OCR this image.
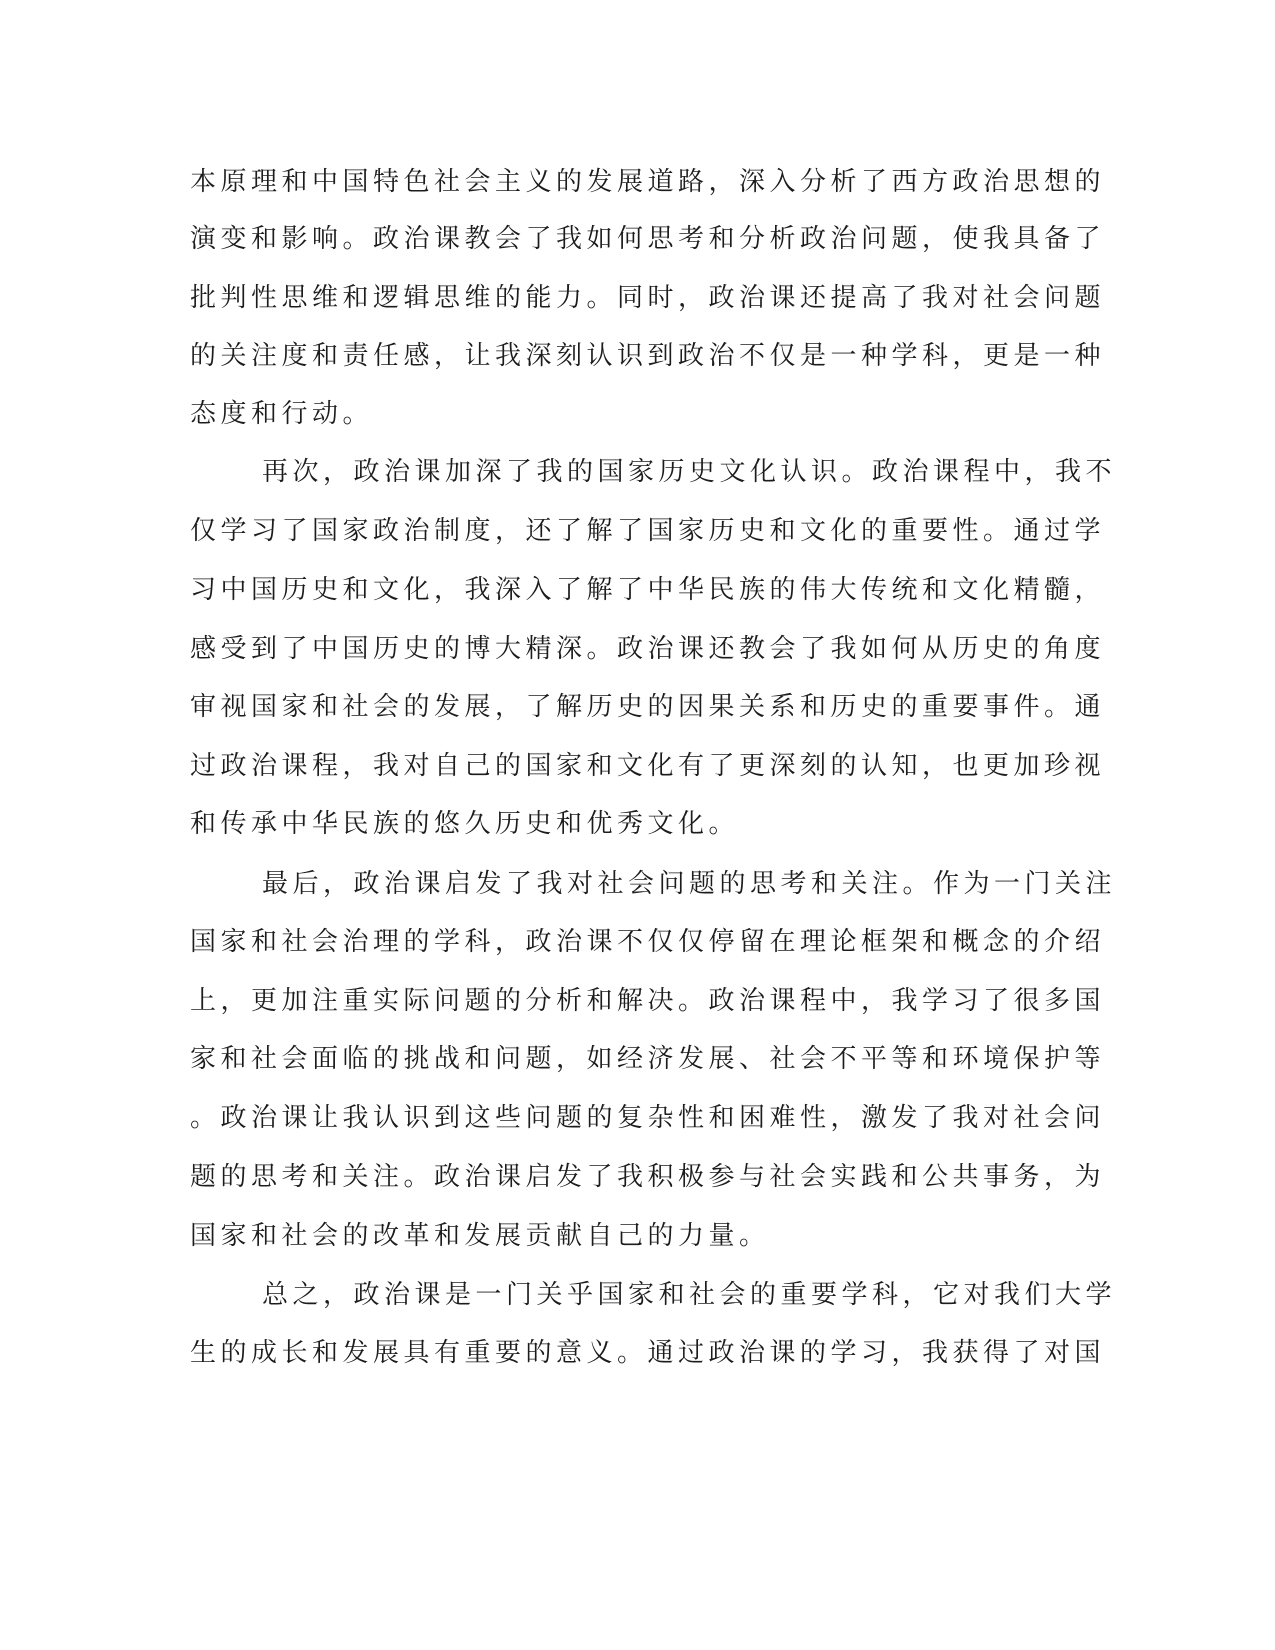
本原理和中国特色社会主义的发展道路，深入分析了西方政治思想的
演变和影响。政治课教会了我如何思考和分析政治问题，使我具备了
批判性思维和逻辑思维的能力。同时，政治课还提高了我对社会问题
的关注度和责任感，让我深刻认识到政治不仅是一种学科，更是一种
态度和行动。
再次，政治课加深了我的国家历史文化认识。政治课程中，我不
仅学习了国家政治制度，还了解了国家历史和文化的重要性。通过学
习中国历史和文化，我深入了解了中华民族的伟大传统和文化精髓，
感受到了中国历史的博大精深。政治课还教会了我如何从历史的角度
审视国家和社会的发展，了解历史的因果关系和历史的重要事件。通
过政治课程，我对自己的国家和文化有了更深刻的认知，也更加珍视
和传承中华民族的悠久历史和优秀文化。
最后，政治课启发了我对社会问题的思考和关注。作为一门关注
国家和社会治理的学科，政治课不仅仅停留在理论框架和概念的介绍
上，更加注重实际问题的分析和解决。政治课程中，我学习了很多国
家和社会面临的挑战和问题，如经济发展、社会不平等和环境保护等
。政治课让我认识到这些问题的复杂性和困难性，激发了我对社会问
题的思考和关注。政治课启发了我积极参与社会实践和公共事务，为
国家和社会的改革和发展贡献自己的力量。
总之，政治课是一门关乎国家和社会的重要学科，它对我们大学
生的成长和发展具有重要的意义。通过政治课的学习，我获得了对国
